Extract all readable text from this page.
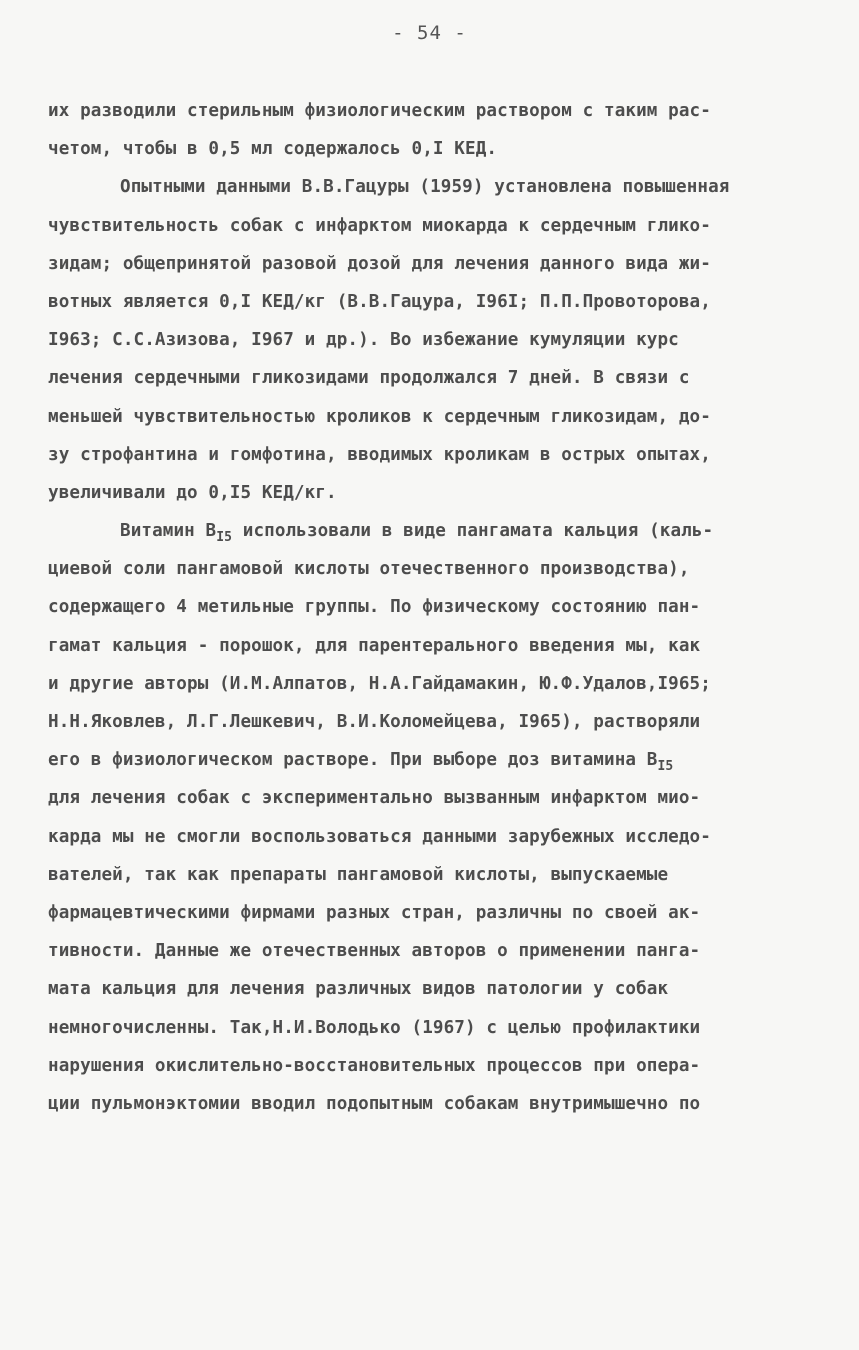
- 54 -
их разводили стерильным физиологическим раствором с таким рас-
четом, чтобы в 0,5 мл содержалось 0,I КЕД.
Опытными данными В.В.Гацуры (1959) установлена повышенная
чувствительность собак с инфарктом миокарда к сердечным глико-
зидам; общепринятой разовой дозой для лечения данного вида жи-
вотных является 0,I КЕД/кг (В.В.Гацура, I96I; П.П.Провоторова,
I963; С.С.Азизова, I967 и др.). Во избежание кумуляции курс
лечения сердечными гликозидами продолжался 7 дней. В связи с
меньшей чувствительностью кроликов к сердечным гликозидам, до-
зу строфантина и гомфотина, вводимых кроликам в острых опытах,
увеличивали до 0,I5 КЕД/кг.
Витамин $В_{I5}$ использовали в виде пангамата кальция (каль-
циевой соли пангамовой кислоты отечественного производства),
содержащего 4 метильные группы. По физическому состоянию пан-
гамат кальция - порошок, для парентерального введения мы, как
и другие авторы (И.М.Алпатов, Н.А.Гайдамакин, Ю.Ф.Удалов,I965;
Н.Н.Яковлев, Л.Г.Лешкевич, В.И.Коломейцева, I965), растворяли
его в физиологическом растворе. При выборе доз витамина $В_{I5}$
для лечения собак с экспериментально вызванным инфарктом мио-
карда мы не смогли воспользоваться данными зарубежных исследо-
вателей, так как препараты пангамовой кислоты, выпускаемые
фармацевтическими фирмами разных стран, различны по своей ак-
тивности. Данные же отечественных авторов о применении панга-
мата кальция для лечения различных видов патологии у собак
немногочисленны. Так,Н.И.Володько (1967) с целью профилактики
нарушения окислительно-восстановительных процессов при опера-
ции пульмонэктомии вводил подопытным собакам внутримышечно по
